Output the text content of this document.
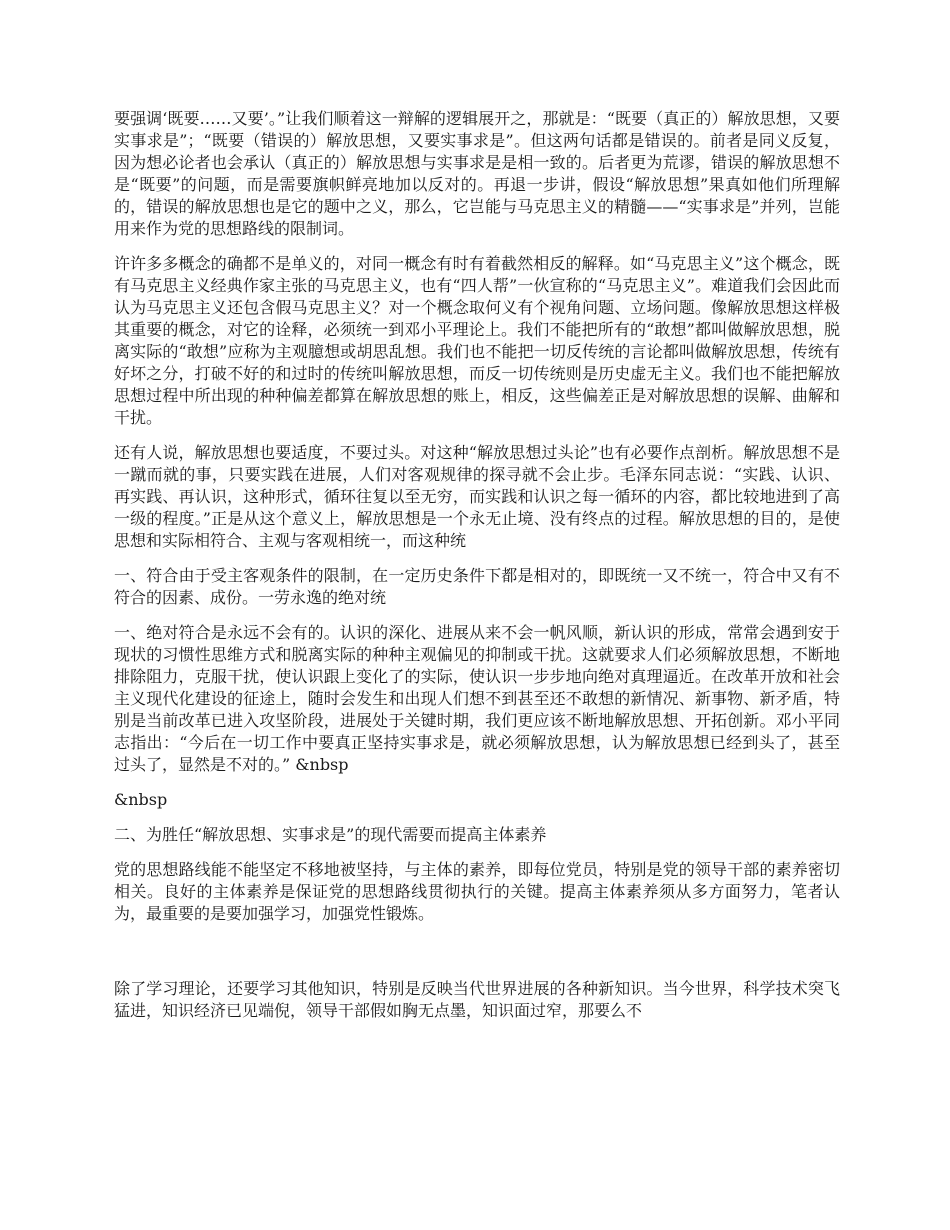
要强调‘既要……又要’。”让我们顺着这一辩解的逻辑展开之，那就是：“既要（真正的）解放思想，又要实事求是”；“既要（错误的）解放思想，又要实事求是”。但这两句话都是错误的。前者是同义反复，因为想必论者也会承认（真正的）解放思想与实事求是是相一致的。后者更为荒谬，错误的解放思想不是“既要”的问题，而是需要旗帜鲜亮地加以反对的。再退一步讲，假设“解放思想”果真如他们所理解的，错误的解放思想也是它的题中之义，那么，它岂能与马克思主义的精髓——“实事求是”并列，岂能用来作为党的思想路线的限制词。

许许多多概念的确都不是单义的，对同一概念有时有着截然相反的解释。如“马克思主义”这个概念，既有马克思主义经典作家主张的马克思主义，也有“四人帮”一伙宣称的“马克思主义”。难道我们会因此而认为马克思主义还包含假马克思主义？对一个概念取何义有个视角问题、立场问题。像解放思想这样极其重要的概念，对它的诠释，必须统一到邓小平理论上。我们不能把所有的“敢想”都叫做解放思想，脱离实际的“敢想”应称为主观臆想或胡思乱想。我们也不能把一切反传统的言论都叫做解放思想，传统有好坏之分，打破不好的和过时的传统叫解放思想，而反一切传统则是历史虚无主义。我们也不能把解放思想过程中所出现的种种偏差都算在解放思想的账上，相反，这些偏差正是对解放思想的误解、曲解和干扰。

还有人说，解放思想也要适度，不要过头。对这种“解放思想过头论”也有必要作点剖析。解放思想不是一蹴而就的事，只要实践在进展，人们对客观规律的探寻就不会止步。毛泽东同志说：“实践、认识、再实践、再认识，这种形式，循环往复以至无穷，而实践和认识之每一循环的内容，都比较地进到了高一级的程度。”正是从这个意义上，解放思想是一个永无止境、没有终点的过程。解放思想的目的，是使思想和实际相符合、主观与客观相统一，而这种统

一、符合由于受主客观条件的限制，在一定历史条件下都是相对的，即既统一又不统一，符合中又有不符合的因素、成份。一劳永逸的绝对统

一、绝对符合是永远不会有的。认识的深化、进展从来不会一帆风顺，新认识的形成，常常会遇到安于现状的习惯性思维方式和脱离实际的种种主观偏见的抑制或干扰。这就要求人们必须解放思想，不断地排除阻力，克服干扰，使认识跟上变化了的实际，使认识一步步地向绝对真理逼近。在改革开放和社会主义现代化建设的征途上，随时会发生和出现人们想不到甚至还不敢想的新情况、新事物、新矛盾，特别是当前改革已进入攻坚阶段，进展处于关键时期，我们更应该不断地解放思想、开拓创新。邓小平同志指出：“今后在一切工作中要真正坚持实事求是，就必须解放思想，认为解放思想已经到头了，甚至过头了，显然是不对的。” &nbsp

&nbsp

二、为胜任“解放思想、实事求是”的现代需要而提高主体素养

党的思想路线能不能坚定不移地被坚持，与主体的素养，即每位党员，特别是党的领导干部的素养密切相关。良好的主体素养是保证党的思想路线贯彻执行的关键。提高主体素养须从多方面努力，笔者认为，最重要的是要加强学习，加强党性锻炼。

除了学习理论，还要学习其他知识，特别是反映当代世界进展的各种新知识。当今世界，科学技术突飞猛进，知识经济已见端倪，领导干部假如胸无点墨，知识面过窄，那要么不
